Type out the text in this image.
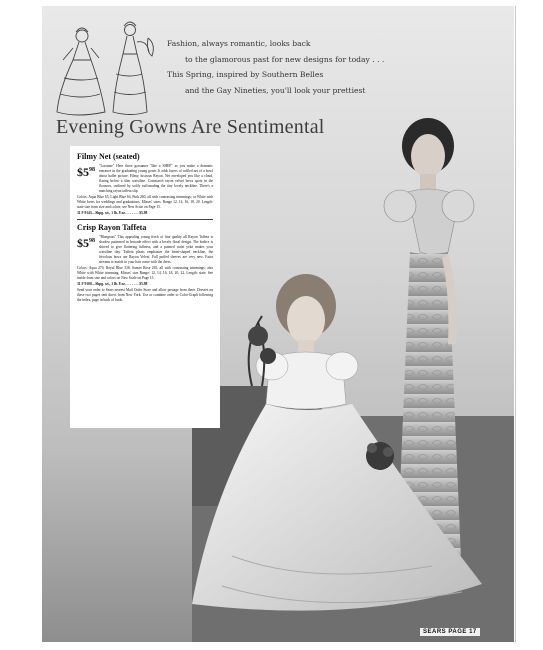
Fashion, always romantic, looks back
to the glamorous past for new designs for today . . .
This Spring, inspired by Southern Belles
and the Gay Nineties, you'll look your prettiest
Evening Gowns Are Sentimental
Filmy Net (seated)
$\$5^{98}$
"Lorraine" Here there gossamer "like a SHEP" as you make a dramatic entrance in the graduating young gown. It adds layers of ruffled net of a bowl about ballet picture. Filmy, lustrous Rayon. Net enveloped you like a cloud, flaring below a slim waistline. Cornstarch rayon velvet bows spots in the flounces, outlined by softly suffounding the tiny lovely neckline. There's a matching rayon taffeta slip.
Colors: Aqua Blue 65, Light Blue 64, Pink 260, all with contrasting trimmings; or White with White bows for weddings and graduations. Misses' sizes: Range 12, 14, 16, 18, 20. Length: state size from size and colors; see New Scale on Page 15.
31 F 9143—Shpg. wt., 1 lb. 8 oz. . . . . . . . $5.98
Crisp Rayon Taffeta
$\$5^{98}$
"Bluegrass" This appealing young frock of fine quality all Rayon Taffeta is shadow patterned in brocade effect with a lovely floral design. The bodice is shirred to give flattering fullness, and a pointed waist yoke makes your waistline tiny. Taffeta pleats emphasize the heart-shaped neckline, the frivolous bows are Rayon Velvet. Full puffed sleeves are very new. Extra streams to match in your hair come with the dress.
Colors: Aqua 270, Royal Blue 338, Sunset Rose 265, all with contrasting trimmings; also White with White trimming. Misses' size Range: 12, 14, 16, 18, 20, 22. Length: state. See inside front size and colors on New Scale on Page 15.
31 F 9100—Shpg. wt., 1 lb. 8 oz. . . . . . . . $5.98
Send your order to Sears nearest Mail Order Store and allow postage from there. Dresses on these two pages sent direct from New York. Use or combine order to Color-Graph following the index, page in back of book.
SEARS PAGE 17
